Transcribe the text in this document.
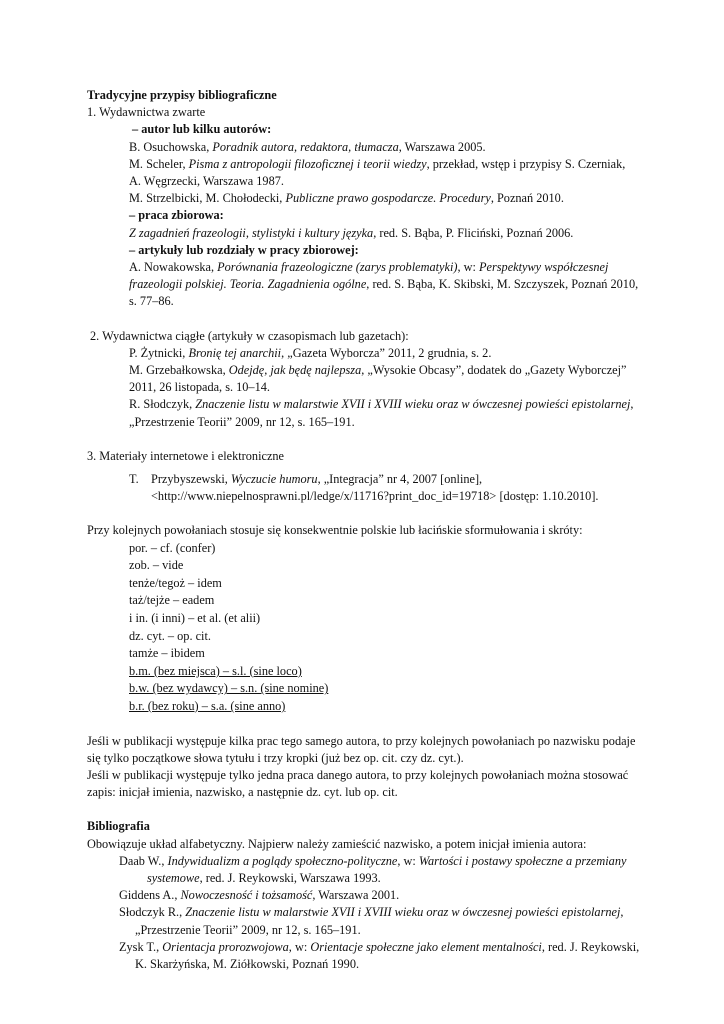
Tradycyjne przypisy bibliograficzne
1. Wydawnictwa zwarte
– autor lub kilku autorów:
B. Osuchowska, Poradnik autora, redaktora, tłumacza, Warszawa 2005.
M. Scheler, Pisma z antropologii filozoficznej i teorii wiedzy, przekład, wstęp i przypisy S. Czerniak,
A. Węgrzecki, Warszawa 1987.
M. Strzelbicki, M. Chołodecki, Publiczne prawo gospodarcze. Procedury, Poznań 2010.
– praca zbiorowa:
Z zagadnień frazeologii, stylistyki i kultury języka, red. S. Bąba, P. Fliciński, Poznań 2006.
– artykuły lub rozdziały w pracy zbiorowej:
A. Nowakowska, Porównania frazeologiczne (zarys problematyki), w: Perspektywy współczesnej
frazeologii polskiej. Teoria. Zagadnienia ogólne, red. S. Bąba, K. Skibski, M. Szczyszek, Poznań 2010,
s. 77–86.
2. Wydawnictwa ciągłe (artykuły w czasopismach lub gazetach):
P. Żytnicki, Bronię tej anarchii, „Gazeta Wyborcza” 2011, 2 grudnia, s. 2.
M. Grzebałkowska, Odejdę, jak będę najlepsza, „Wysokie Obcasy”, dodatek do „Gazety Wyborczej”
2011, 26 listopada, s. 10–14.
R. Słodczyk, Znaczenie listu w malarstwie XVII i XVIII wieku oraz w ówczesnej powieści epistolarnej,
„Przestrzenie Teorii” 2009, nr 12, s. 165–191.
3. Materiały internetowe i elektroniczne
T. Przybyszewski, Wyczucie humoru, „Integracja” nr 4, 2007 [online],
<http://www.niepelnosprawni.pl/ledge/x/11716?print_doc_id=19718> [dostęp: 1.10.2010].
Przy kolejnych powołaniach stosuje się konsekwentnie polskie lub łacińskie sformułowania i skróty:
por. – cf. (confer)
zob. – vide
tenże/tegoż – idem
taż/tejże – eadem
i in. (i inni) – et al. (et alii)
dz. cyt. – op. cit.
tamże – ibidem
b.m. (bez miejsca) – s.l. (sine loco)
b.w. (bez wydawcy) – s.n. (sine nomine)
b.r. (bez roku) – s.a. (sine anno)
Jeśli w publikacji występuje kilka prac tego samego autora, to przy kolejnych powołaniach po nazwisku podaje
się tylko początkowe słowa tytułu i trzy kropki (już bez op. cit. czy dz. cyt.).
Jeśli w publikacji występuje tylko jedna praca danego autora, to przy kolejnych powołaniach można stosować
zapis: inicjał imienia, nazwisko, a następnie dz. cyt. lub op. cit.
Bibliografia
Obowiązuje układ alfabetyczny. Najpierw należy zamieścić nazwisko, a potem inicjał imienia autora:
Daab W., Indywidualizm a poglądy społeczno-polityczne, w: Wartości i postawy społeczne a przemiany
systemowe, red. J. Reykowski, Warszawa 1993.
Giddens A., Nowoczesność i tożsamość, Warszawa 2001.
Słodczyk R., Znaczenie listu w malarstwie XVII i XVIII wieku oraz w ówczesnej powieści epistolarnej,
„Przestrzenie Teorii” 2009, nr 12, s. 165–191.
Zysk T., Orientacja prorozwojowa, w: Orientacje społeczne jako element mentalności, red. J. Reykowski,
K. Skarżyńska, M. Ziółkowski, Poznań 1990.
